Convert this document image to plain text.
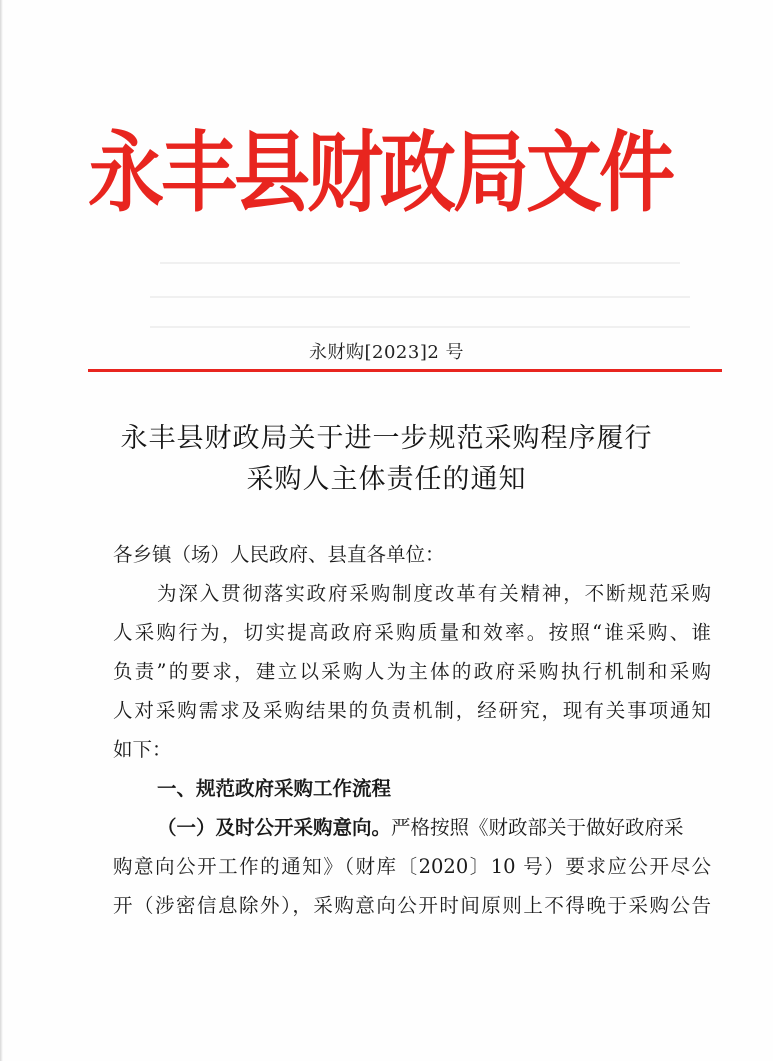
永丰县财政局文件
永财购[2023]2 号
永丰县财政局关于进一步规范采购程序履行
采购人主体责任的通知
各乡镇（场）人民政府、县直各单位：
为深入贯彻落实政府采购制度改革有关精神，不断规范采购
人采购行为，切实提高政府采购质量和效率。按照“谁采购、谁
负责”的要求，建立以采购人为主体的政府采购执行机制和采购
人对采购需求及采购结果的负责机制，经研究，现有关事项通知
如下：
一、规范政府采购工作流程
（一）及时公开采购意向。严格按照《财政部关于做好政府采
购意向公开工作的通知》（财库〔2020〕10 号）要求应公开尽公
开（涉密信息除外），采购意向公开时间原则上不得晚于采购公告
